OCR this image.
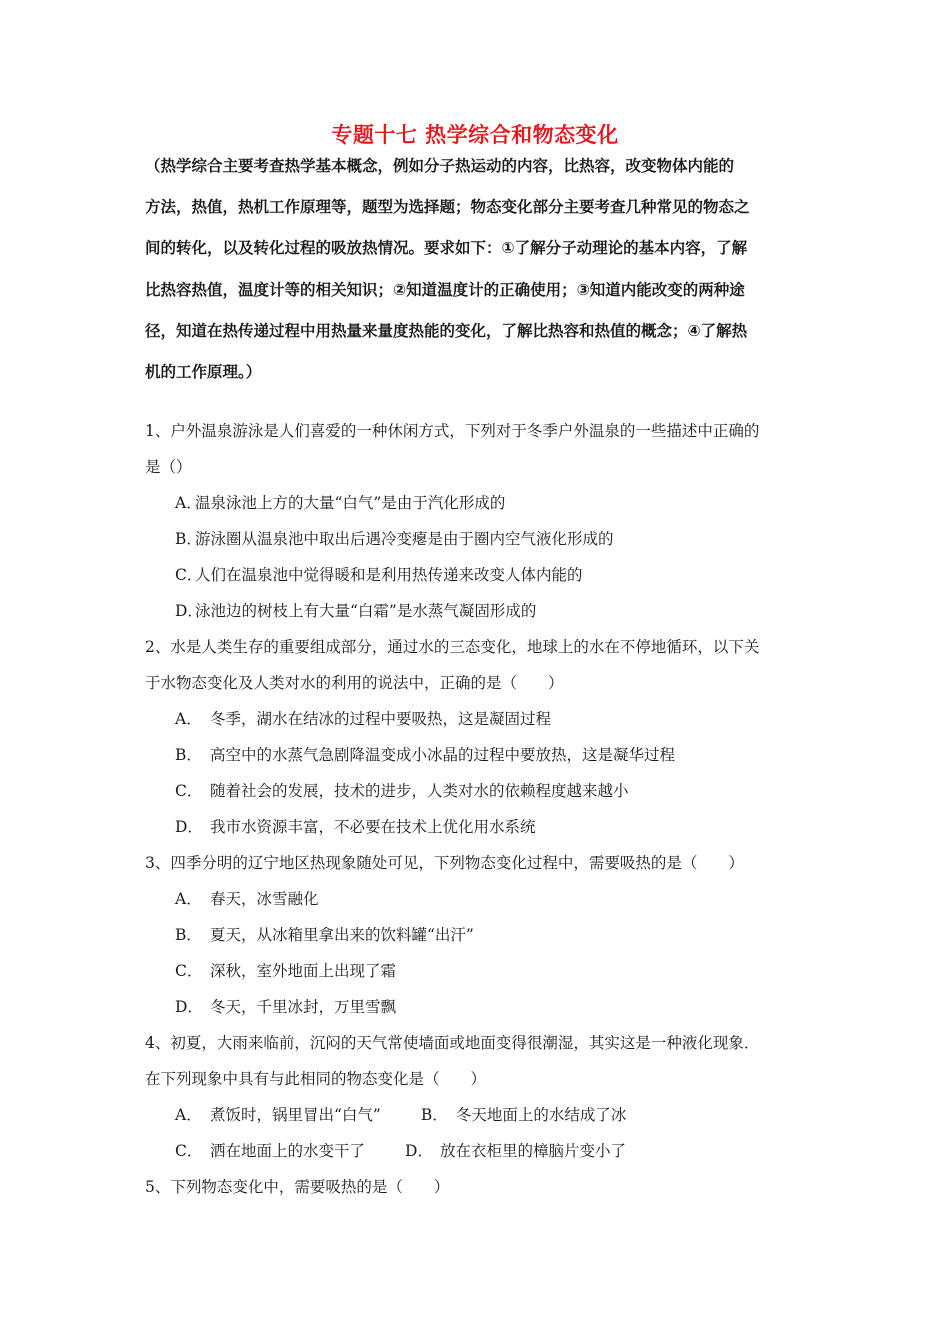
专题十七 热学综合和物态变化
（热学综合主要考查热学基本概念，例如分子热运动的内容，比热容，改变物体内能的
方法，热值，热机工作原理等，题型为选择题；物态变化部分主要考查几种常见的物态之
间的转化，以及转化过程的吸放热情况。要求如下：①了解分子动理论的基本内容，了解
比热容热值，温度计等的相关知识；②知道温度计的正确使用；③知道内能改变的两种途
径，知道在热传递过程中用热量来量度热能的变化，了解比热容和热值的概念；④了解热
机的工作原理。）
1、户外温泉游泳是人们喜爱的一种休闲方式，下列对于冬季户外温泉的一些描述中正确的
是（）
A．温泉泳池上方的大量“白气”是由于汽化形成的
B．游泳圈从温泉池中取出后遇冷变瘪是由于圈内空气液化形成的
C．人们在温泉池中觉得暖和是利用热传递来改变人体内能的
D．泳池边的树枝上有大量“白霜”是水蒸气凝固形成的
2、水是人类生存的重要组成部分，通过水的三态变化，地球上的水在不停地循环，以下关
于水物态变化及人类对水的利用的说法中，正确的是（　　）
A． 冬季，湖水在结冰的过程中要吸热，这是凝固过程
B． 高空中的水蒸气急剧降温变成小冰晶的过程中要放热，这是凝华过程
C． 随着社会的发展，技术的进步，人类对水的依赖程度越来越小
D． 我市水资源丰富，不必要在技术上优化用水系统
3、四季分明的辽宁地区热现象随处可见，下列物态变化过程中，需要吸热的是（　　）
A． 春天，冰雪融化
B． 夏天，从冰箱里拿出来的饮料罐“出汗”
C． 深秋，室外地面上出现了霜
D． 冬天，千里冰封，万里雪飘
4、初夏，大雨来临前，沉闷的天气常使墙面或地面变得很潮湿，其实这是一种液化现象．
在下列现象中具有与此相同的物态变化是（　　）
A． 煮饭时，锅里冒出“白气”	B． 冬天地面上的水结成了冰
C． 洒在地面上的水变干了	D． 放在衣柜里的樟脑片变小了
5、下列物态变化中，需要吸热的是（　　）
